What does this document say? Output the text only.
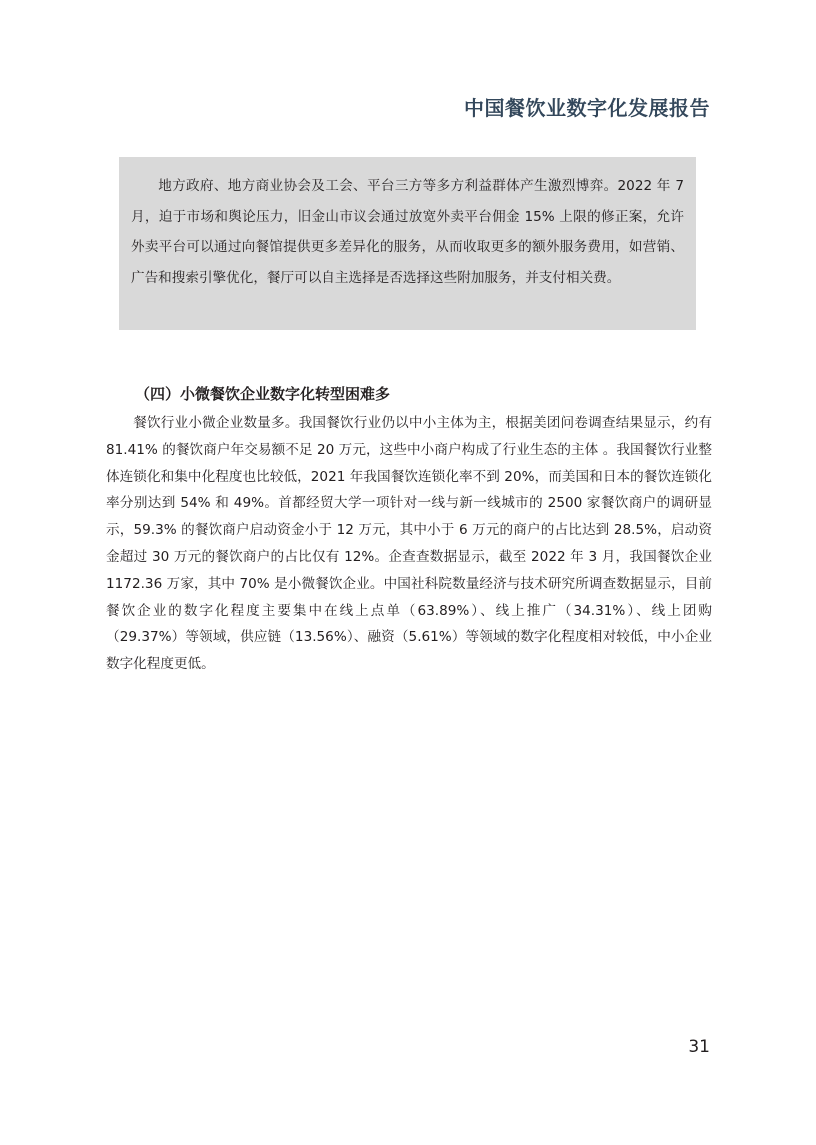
中国餐饮业数字化发展报告

地方政府、地方商业协会及工会、平台三方等多方利益群体产生激烈博弈。2022 年 7 月，迫于市场和舆论压力，旧金山市议会通过放宽外卖平台佣金 15% 上限的修正案，允许外卖平台可以通过向餐馆提供更多差异化的服务，从而收取更多的额外服务费用，如营销、广告和搜索引擎优化，餐厅可以自主选择是否选择这些附加服务，并支付相关费。

（四）小微餐饮企业数字化转型困难多

餐饮行业小微企业数量多。我国餐饮行业仍以中小主体为主，根据美团问卷调查结果显示，约有 81.41% 的餐饮商户年交易额不足 20 万元，这些中小商户构成了行业生态的主体 。我国餐饮行业整体连锁化和集中化程度也比较低，2021 年我国餐饮连锁化率不到 20%，而美国和日本的餐饮连锁化率分别达到 54% 和 49%。首都经贸大学一项针对一线与新一线城市的 2500 家餐饮商户的调研显示，59.3% 的餐饮商户启动资金小于 12 万元，其中小于 6 万元的商户的占比达到 28.5%，启动资金超过 30 万元的餐饮商户的占比仅有 12%。企查查数据显示，截至 2022 年 3 月，我国餐饮企业 1172.36 万家，其中 70% 是小微餐饮企业。中国社科院数量经济与技术研究所调查数据显示，目前餐饮企业的数字化程度主要集中在线上点单（63.89%）、线上推广（34.31%）、线上团购（29.37%）等领域，供应链（13.56%）、融资（5.61%）等领域的数字化程度相对较低，中小企业数字化程度更低。

31
